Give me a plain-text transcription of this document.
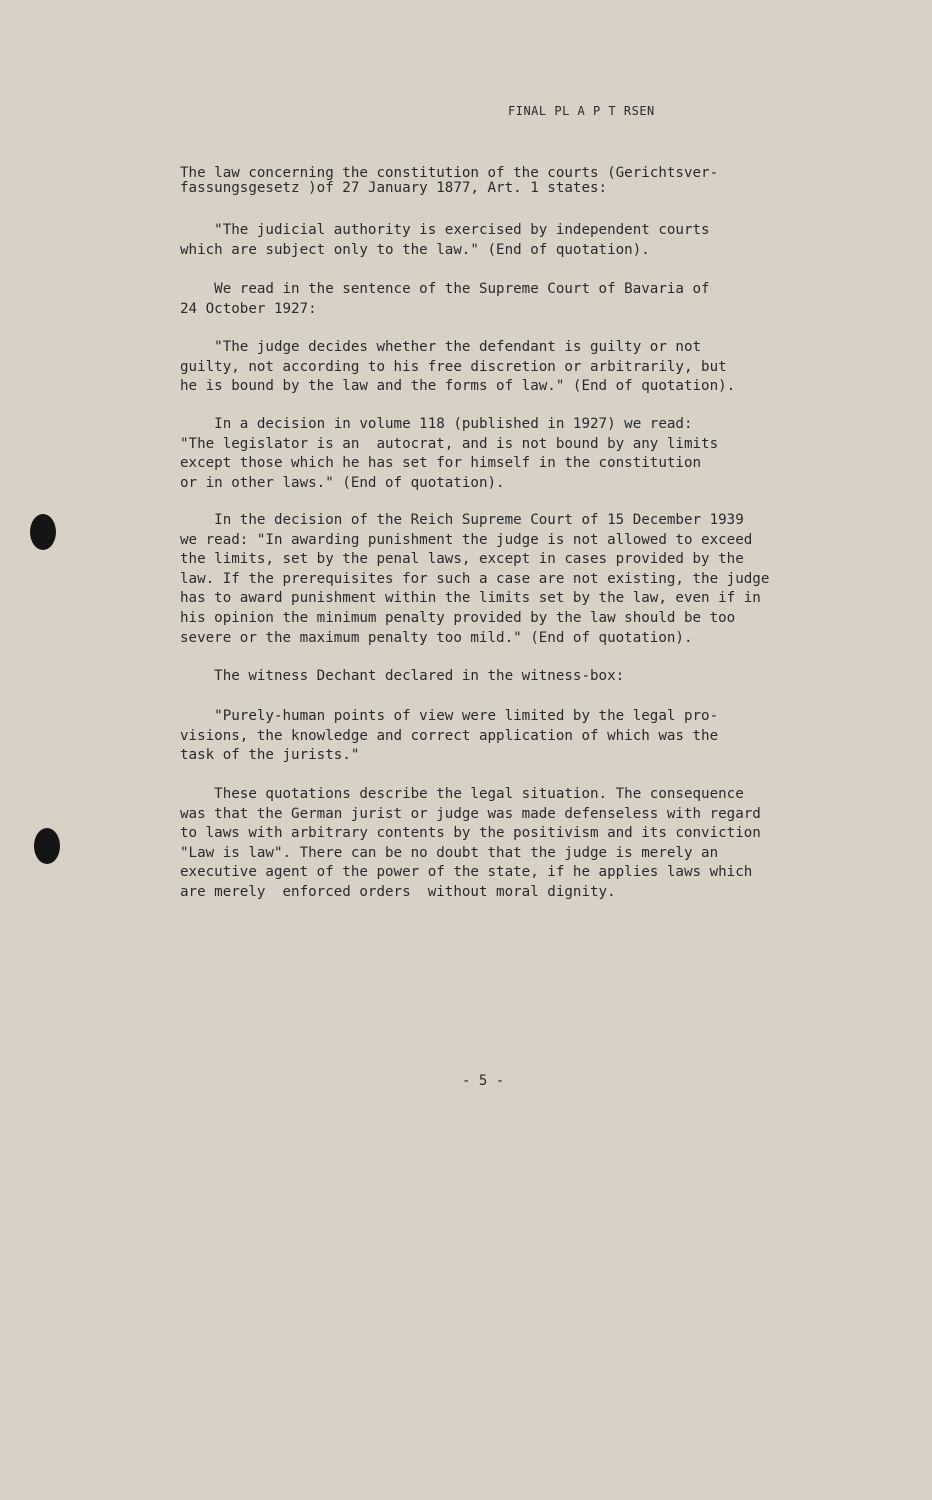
FINAL PL A P T RSEN
The law concerning the constitution of the courts (Gerichtsver-
fassungsgesetz )of 27 January 1877, Art. 1 states:
"The judicial authority is exercised by independent courts
which are subject only to the law." (End of quotation).
We read in the sentence of the Supreme Court of Bavaria of
24 October 1927:
"The judge decides whether the defendant is guilty or not
guilty, not according to his free discretion or arbitrarily, but
he is bound by the law and the forms of law." (End of quotation).
In a decision in volume 118 (published in 1927) we read:
"The legislator is an  autocrat, and is not bound by any limits
except those which he has set for himself in the constitution
or in other laws." (End of quotation).
In the decision of the Reich Supreme Court of 15 December 1939
we read: "In awarding punishment the judge is not allowed to exceed
the limits, set by the penal laws, except in cases provided by the
law. If the prerequisites for such a case are not existing, the judge
has to award punishment within the limits set by the law, even if in
his opinion the minimum penalty provided by the law should be too
severe or the maximum penalty too mild." (End of quotation).
The witness Dechant declared in the witness-box:
"Purely-human points of view were limited by the legal pro-
visions, the knowledge and correct application of which was the
task of the jurists."
These quotations describe the legal situation. The consequence
was that the German jurist or judge was made defenseless with regard
to laws with arbitrary contents by the positivism and its conviction
"Law is law". There can be no doubt that the judge is merely an
executive agent of the power of the state, if he applies laws which
are merely  enforced orders  without moral dignity.
- 5 -
